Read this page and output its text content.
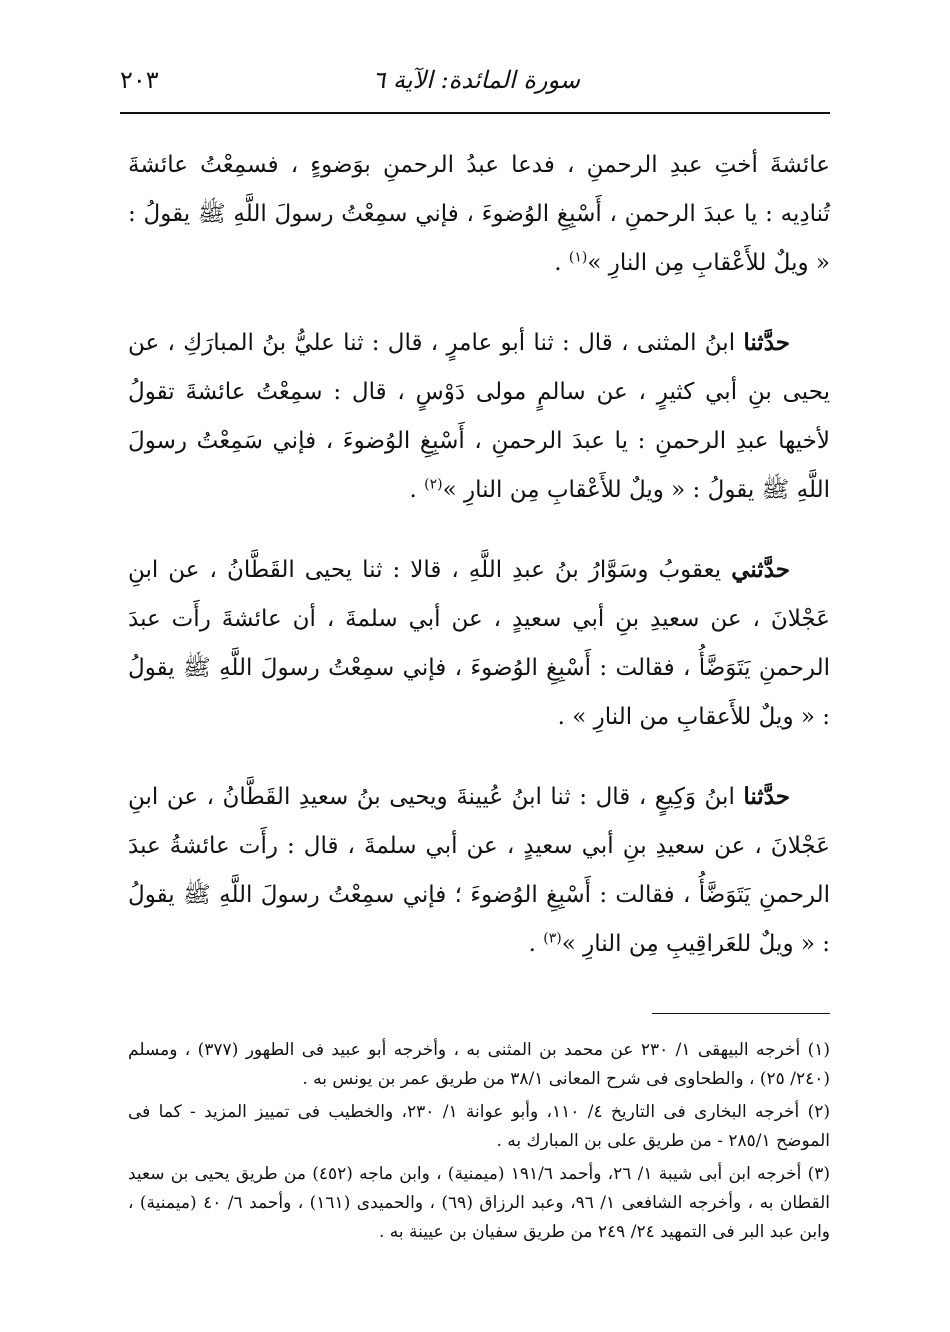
سورة المائدة: الآية ٦
٢٠٣

عائشةَ أختِ عبدِ الرحمنِ ، فدعا عبدُ الرحمنِ بوَضوءٍ ، فسمِعْتُ عائشةَ تُنادِيه : يا عبدَ الرحمنِ ، أَسْبِغِ الوُضوءَ ، فإني سمِعْتُ رسولَ اللَّهِ ﷺ يقولُ : « ويلٌ للأَعْقابِ مِن النارِ »$^{(١)}$ .

حدَّثنا ابنُ المثنى ، قال : ثنا أبو عامرٍ ، قال : ثنا عليُّ بنُ المبارَكِ ، عن يحيى بنِ أبي كثيرٍ ، عن سالمٍ مولى دَوْسٍ ، قال : سمِعْتُ عائشةَ تقولُ لأخيها عبدِ الرحمنِ : يا عبدَ الرحمنِ ، أَسْبِغِ الوُضوءَ ، فإني سَمِعْتُ رسولَ اللَّهِ ﷺ يقولُ : « ويلٌ للأَعْقابِ مِن النارِ »$^{(٢)}$ .

حدَّثني يعقوبُ وسَوَّارُ بنُ عبدِ اللَّهِ ، قالا : ثنا يحيى القَطَّانُ ، عن ابنِ عَجْلانَ ، عن سعيدِ بنِ أبي سعيدٍ ، عن أبي سلمةَ ، أن عائشةَ رأَت عبدَ الرحمنِ يَتَوَضَّأُ ، فقالت : أَسْبِغِ الوُضوءَ ، فإني سمِعْتُ رسولَ اللَّهِ ﷺ يقولُ : « ويلٌ للأَعقابِ من النارِ » .

حدَّثنا ابنُ وَكِيعٍ ، قال : ثنا ابنُ عُيينةَ ويحيى بنُ سعيدِ القَطَّانُ ، عن ابنِ عَجْلانَ ، عن سعيدِ بنِ أبي سعيدٍ ، عن أبي سلمةَ ، قال : رأَت عائشةُ عبدَ الرحمنِ يَتَوَضَّأُ ، فقالت : أَسْبِغِ الوُضوءَ ؛ فإني سمِعْتُ رسولَ اللَّهِ ﷺ يقولُ : « ويلٌ للعَراقِيبِ مِن النارِ »$^{(٣)}$ .

(١) أخرجه البيهقى ١/ ٢٣٠ عن محمد بن المثنى به ، وأخرجه أبو عبيد فى الطهور (٣٧٧) ، ومسلم (٢٤٠/ ٢٥) ، والطحاوى فى شرح المعانى ٣٨/١ من طريق عمر بن يونس به .

(٢) أخرجه البخارى فى التاريخ ٤/ ١١٠، وأبو عوانة ١/ ٢٣٠، والخطيب فى تمييز المزيد - كما فى الموضح ٢٨٥/١ - من طريق على بن المبارك به .

(٣) أخرجه ابن أبى شيبة ١/ ٢٦، وأحمد ١٩١/٦ (ميمنية) ، وابن ماجه (٤٥٢) من طريق يحيى بن سعيد القطان به ، وأخرجه الشافعى ١/ ٩٦، وعبد الرزاق (٦٩) ، والحميدى (١٦١) ، وأحمد ٦/ ٤٠ (ميمنية) ، وابن عبد البر فى التمهيد ٢٤/ ٢٤٩ من طريق سفيان بن عيينة به .
